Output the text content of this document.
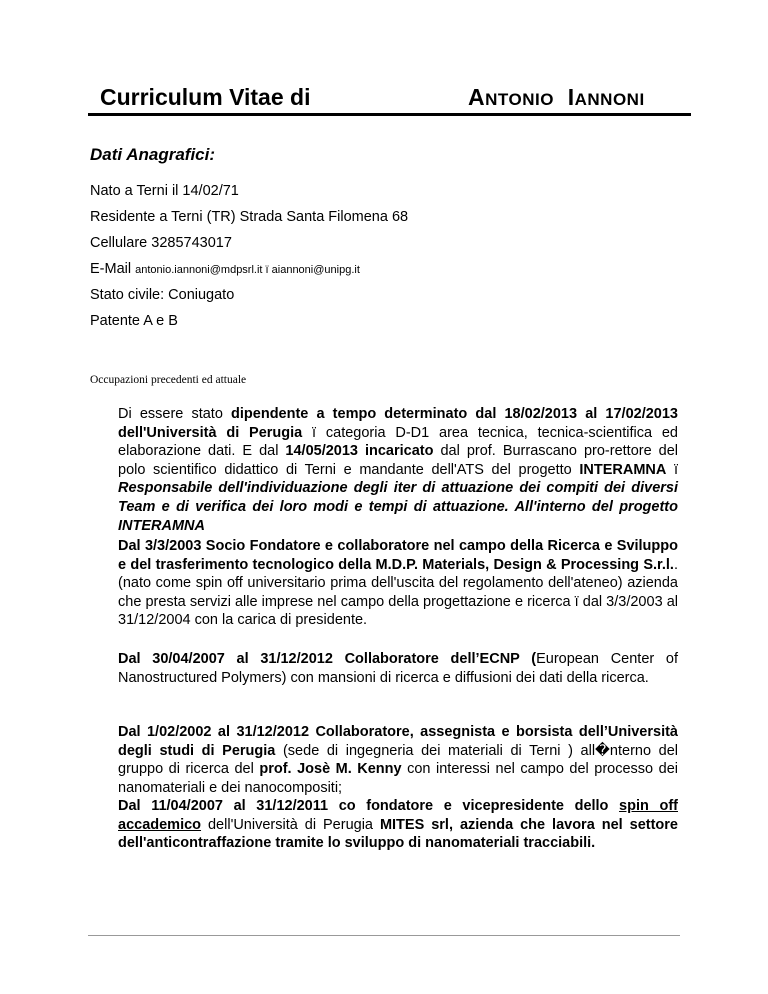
Curriculum Vitae di	ANTONIO IANNONI
Dati Anagrafici:
Nato a Terni il 14/02/71
Residente a Terni (TR) Strada Santa Filomena 68
Cellulare 3285743017
E-Mail antonio.iannoni@mdpsrl.it ï aiannoni@unipg.it
Stato civile: Coniugato
Patente A e B
Occupazioni precedenti ed attuale
Di essere stato dipendente a tempo determinato dal 18/02/2013 al 17/02/2013 dell'Università di Perugia ï categoria D-D1 area tecnica, tecnica-scientifica ed elaborazione dati. E dal 14/05/2013 incaricato dal prof. Burrascano pro-rettore del polo scientifico didattico di Terni e mandante dell'ATS del progetto INTERAMNA ï Responsabile dell'individuazione degli iter di attuazione dei compiti dei diversi Team e di verifica dei loro modi e tempi di attuazione. All'interno del progetto INTERAMNA
Dal 3/3/2003 Socio Fondatore e collaboratore nel campo della Ricerca e Sviluppo e del trasferimento tecnologico della M.D.P. Materials, Design & Processing S.r.l.. (nato come spin off universitario prima dell'uscita del regolamento dell'ateneo) azienda che presta servizi alle imprese nel campo della progettazione e ricerca ï dal 3/3/2003 al 31/12/2004 con la carica di presidente.
Dal 30/04/2007 al 31/12/2012 Collaboratore dell’ECNP (European Center of Nanostructured Polymers) con mansioni di ricerca e diffusioni dei dati della ricerca.
Dal 1/02/2002 al 31/12/2012 Collaboratore, assegnista e borsista dell’Università degli studi di Perugia (sede di ingegneria dei materiali di Terni ) all�nterno del gruppo di ricerca del prof. Josè M. Kenny con interessi nel campo del processo dei nanomateriali e dei nanocompositi;
Dal 11/04/2007 al 31/12/2011 co fondatore e vicepresidente dello spin off accademico dell'Università di Perugia MITES srl, azienda che lavora nel settore dell'anticontraffazione tramite lo sviluppo di nanomateriali tracciabili.
